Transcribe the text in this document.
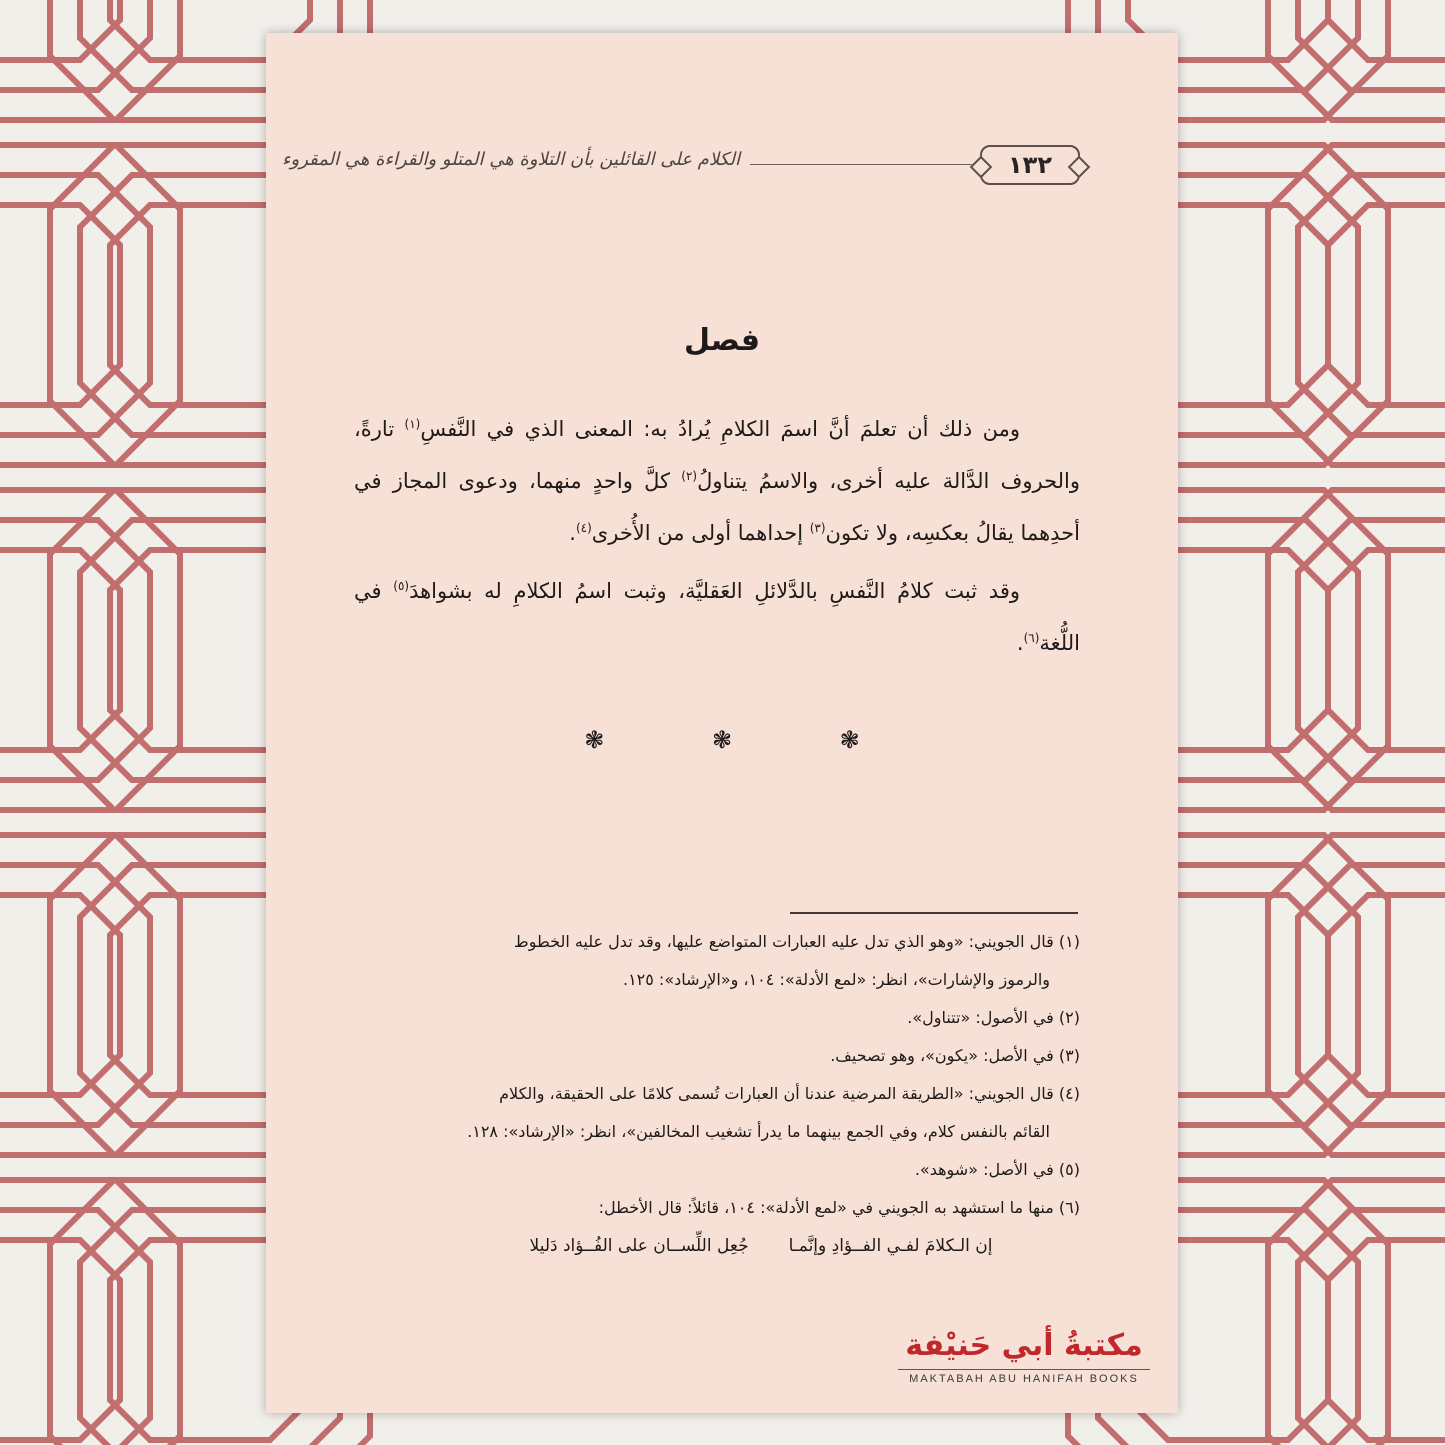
١٣٢
الكلام على القائلين بأن التلاوة هي المتلو والقراءة هي المقروء
فصل

ومن ذلك أن تعلمَ أنَّ اسمَ الكلامِ يُرادُ به: المعنى الذي في النَّفسِ$^{(١)}$ تارةً، والحروف الدَّالة عليه أخرى، والاسمُ يتناولُ$^{(٢)}$ كلَّ واحدٍ منهما، ودعوى المجاز في أحدِهما يقالُ بعكسِه، ولا تكون$^{(٣)}$ إحداهما أولى من الأُخرى$^{(٤)}$.

وقد ثبت كلامُ النَّفسِ بالدَّلائلِ العَقليَّة، وثبت اسمُ الكلامِ له بشواهدَ$^{(٥)}$ في اللُّغة$^{(٦)}$.

❃ ❃ ❃

(١) قال الجويني: «وهو الذي تدل عليه العبارات المتواضع عليها، وقد تدل عليه الخطوط
والرموز والإشارات»، انظر: «لمع الأدلة»: ١٠٤، و«الإرشاد»: ١٢٥.

(٢) في الأصول: «تتناول».

(٣) في الأصل: «يكون»، وهو تصحيف.

(٤) قال الجويني: «الطريقة المرضية عندنا أن العبارات تُسمى كلامًا على الحقيقة، والكلام
القائم بالنفس كلام، وفي الجمع بينهما ما يدرأ تشغيب المخالفين»، انظر: «الإرشاد»: ١٢٨.

(٥) في الأصل: «شوهد».

(٦) منها ما استشهد به الجويني في «لمع الأدلة»: ١٠٤، قائلاً: قال الأخطل:

إن الـكلامَ لفـي الفــؤادِ وإنَّمـا
جُعِل اللِّســان على الفُــؤاد دَليلا
مكتبةُ أبي حَنيْفة
MAKTABAH ABU HANIFAH BOOKS
